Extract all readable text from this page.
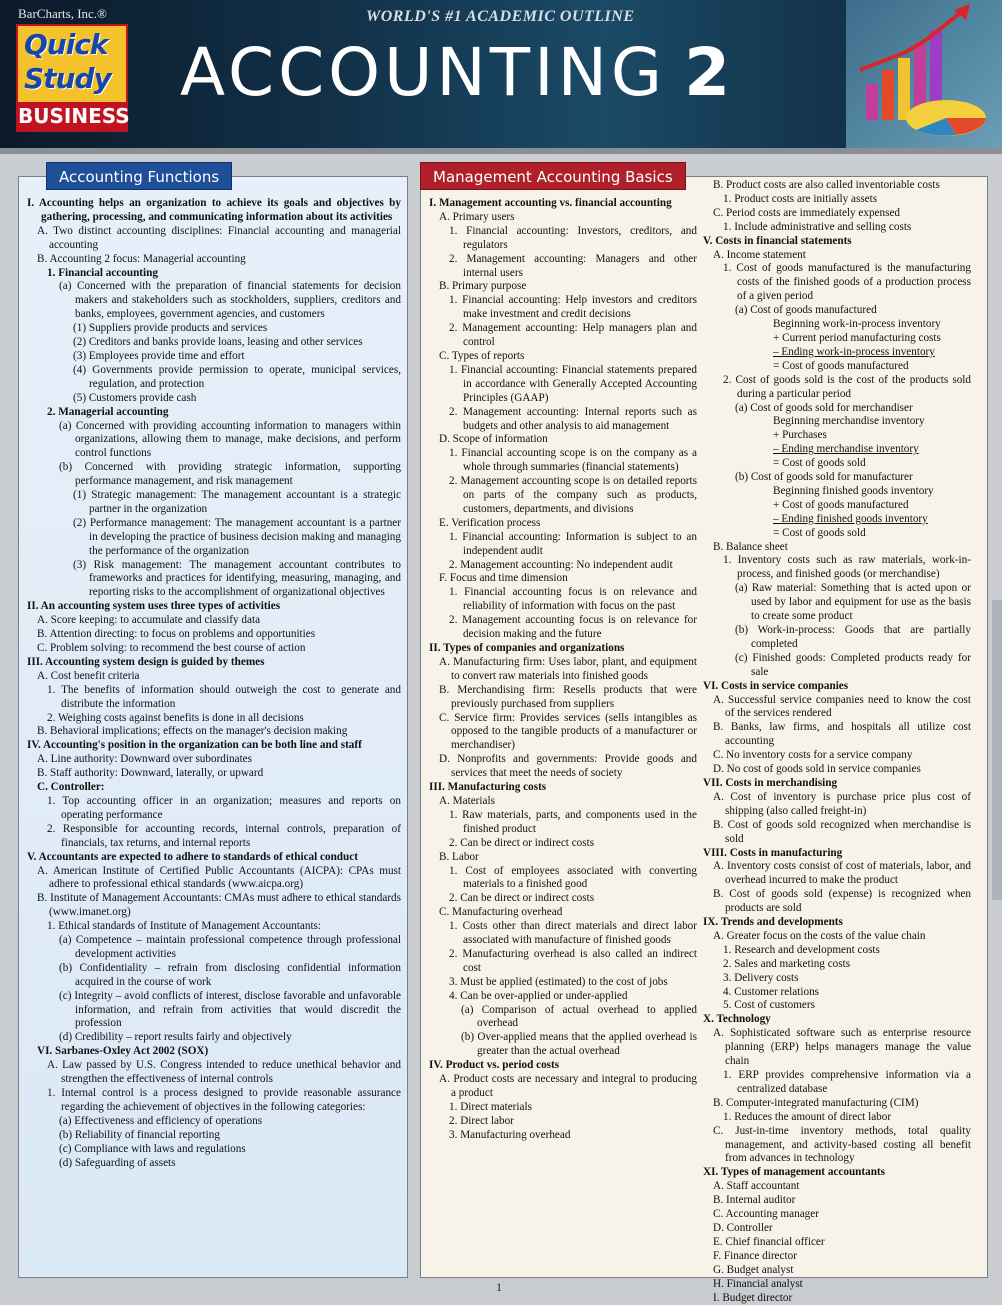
BarCharts, Inc.®
Quick
Study
BUSINESS
WORLD'S #1 ACADEMIC OUTLINE
ACCOUNTING 2
Accounting Functions	Management Accounting Basics
I. Accounting helps an organization to achieve its goals and objectives by gathering, processing, and communicating information about its activities
A. Two distinct accounting disciplines: Financial accounting and managerial accounting
B. Accounting 2 focus: Managerial accounting
1. Financial accounting
(a) Concerned with the preparation of financial statements for decision makers and stakeholders such as stockholders, suppliers, creditors and banks, employees, government agencies, and customers
(1) Suppliers provide products and services
(2) Creditors and banks provide loans, leasing and other services
(3) Employees provide time and effort
(4) Governments provide permission to operate, municipal services, regulation, and protection
(5) Customers provide cash
2. Managerial accounting
(a) Concerned with providing accounting information to managers within organizations, allowing them to manage, make decisions, and perform control functions
(b) Concerned with providing strategic information, supporting performance management, and risk management
(1) Strategic management: The management accountant is a strategic partner in the organization
(2) Performance management: The management accountant is a partner in developing the practice of business decision making and managing the performance of the organization
(3) Risk management: The management accountant contributes to frameworks and practices for identifying, measuring, managing, and reporting risks to the accomplishment of organizational objectives
II. An accounting system uses three types of activities
A. Score keeping: to accumulate and classify data
B. Attention directing: to focus on problems and opportunities
C. Problem solving: to recommend the best course of action
III. Accounting system design is guided by themes
A. Cost benefit criteria
1. The benefits of information should outweigh the cost to generate and distribute the information
2. Weighing costs against benefits is done in all decisions
B. Behavioral implications; effects on the manager's decision making
IV. Accounting's position in the organization can be both line and staff
A. Line authority: Downward over subordinates
B. Staff authority: Downward, laterally, or upward
C. Controller:
1. Top accounting officer in an organization; measures and reports on operating performance
2. Responsible for accounting records, internal controls, preparation of financials, tax returns, and internal reports
V. Accountants are expected to adhere to standards of ethical conduct
A. American Institute of Certified Public Accountants (AICPA): CPAs must adhere to professional ethical standards (www.aicpa.org)
B. Institute of Management Accountants: CMAs must adhere to ethical standards (www.imanet.org)
1. Ethical standards of Institute of Management Accountants:
(a) Competence – maintain professional competence through professional development activities
(b) Confidentiality – refrain from disclosing confidential information acquired in the course of work
(c) Integrity – avoid conflicts of interest, disclose favorable and unfavorable information, and refrain from activities that would discredit the profession
(d) Credibility – report results fairly and objectively
VI. Sarbanes-Oxley Act 2002 (SOX)
A. Law passed by U.S. Congress intended to reduce unethical behavior and strengthen the effectiveness of internal controls
1. Internal control is a process designed to provide reasonable assurance regarding the achievement of objectives in the following categories:
(a) Effectiveness and efficiency of operations
(b) Reliability of financial reporting
(c) Compliance with laws and regulations
(d) Safeguarding of assets
I. Management accounting vs. financial accounting
A. Primary users
1. Financial accounting: Investors, creditors, and regulators
2. Management accounting: Managers and other internal users
B. Primary purpose
1. Financial accounting: Help investors and creditors make investment and credit decisions
2. Management accounting: Help managers plan and control
C. Types of reports
1. Financial accounting: Financial statements prepared in accordance with Generally Accepted Accounting Principles (GAAP)
2. Management accounting: Internal reports such as budgets and other analysis to aid management
D. Scope of information
1. Financial accounting scope is on the company as a whole through summaries (financial statements)
2. Management accounting scope is on detailed reports on parts of the company such as products, customers, departments, and divisions
E. Verification process
1. Financial accounting: Information is subject to an independent audit
2. Management accounting: No independent audit
F. Focus and time dimension
1. Financial accounting focus is on relevance and reliability of information with focus on the past
2. Management accounting focus is on relevance for decision making and the future
II. Types of companies and organizations
A. Manufacturing firm: Uses labor, plant, and equipment to convert raw materials into finished goods
B. Merchandising firm: Resells products that were previously purchased from suppliers
C. Service firm: Provides services (sells intangibles as opposed to the tangible products of a manufacturer or merchandiser)
D. Nonprofits and governments: Provide goods and services that meet the needs of society
III. Manufacturing costs
A. Materials
1. Raw materials, parts, and components used in the finished product
2. Can be direct or indirect costs
B. Labor
1. Cost of employees associated with converting materials to a finished good
2. Can be direct or indirect costs
C. Manufacturing overhead
1. Costs other than direct materials and direct labor associated with manufacture of finished goods
2. Manufacturing overhead is also called an indirect cost
3. Must be applied (estimated) to the cost of jobs
4. Can be over-applied or under-applied
(a) Comparison of actual overhead to applied overhead
(b) Over-applied means that the applied overhead is greater than the actual overhead
IV. Product vs. period costs
A. Product costs are necessary and integral to producing a product
1. Direct materials
2. Direct labor
3. Manufacturing overhead
B. Product costs are also called inventoriable costs
1. Product costs are initially assets
C. Period costs are immediately expensed
1. Include administrative and selling costs
V. Costs in financial statements
A. Income statement
1. Cost of goods manufactured is the manufacturing costs of the finished goods of a production process of a given period
(a) Cost of goods manufactured
Beginning work-in-process inventory
+ Current period manufacturing costs
– Ending work-in-process inventory
= Cost of goods manufactured
2. Cost of goods sold is the cost of the products sold during a particular period
(a) Cost of goods sold for merchandiser
Beginning merchandise inventory
+ Purchases
– Ending merchandise inventory
= Cost of goods sold
(b) Cost of goods sold for manufacturer
Beginning finished goods inventory
+ Cost of goods manufactured
– Ending finished goods inventory
= Cost of goods sold
B. Balance sheet
1. Inventory costs such as raw materials, work-in-process, and finished goods (or merchandise)
(a) Raw material: Something that is acted upon or used by labor and equipment for use as the basis to create some product
(b) Work-in-process: Goods that are partially completed
(c) Finished goods: Completed products ready for sale
VI. Costs in service companies
A. Successful service companies need to know the cost of the services rendered
B. Banks, law firms, and hospitals all utilize cost accounting
C. No inventory costs for a service company
D. No cost of goods sold in service companies
VII. Costs in merchandising
A. Cost of inventory is purchase price plus cost of shipping (also called freight-in)
B. Cost of goods sold recognized when merchandise is sold
VIII. Costs in manufacturing
A. Inventory costs consist of cost of materials, labor, and overhead incurred to make the product
B. Cost of goods sold (expense) is recognized when products are sold
IX. Trends and developments
A. Greater focus on the costs of the value chain
1. Research and development costs
2. Sales and marketing costs
3. Delivery costs
4. Customer relations
5. Cost of customers
X. Technology
A. Sophisticated software such as enterprise resource planning (ERP) helps managers manage the value chain
1. ERP provides comprehensive information via a centralized database
B. Computer-integrated manufacturing (CIM)
1. Reduces the amount of direct labor
C. Just-in-time inventory methods, total quality management, and activity-based costing all benefit from advances in technology
XI. Types of management accountants
A. Staff accountant
B. Internal auditor
C. Accounting manager
D. Controller
E. Chief financial officer
F. Finance director
G. Budget analyst
H. Financial analyst
I. Budget director
1
